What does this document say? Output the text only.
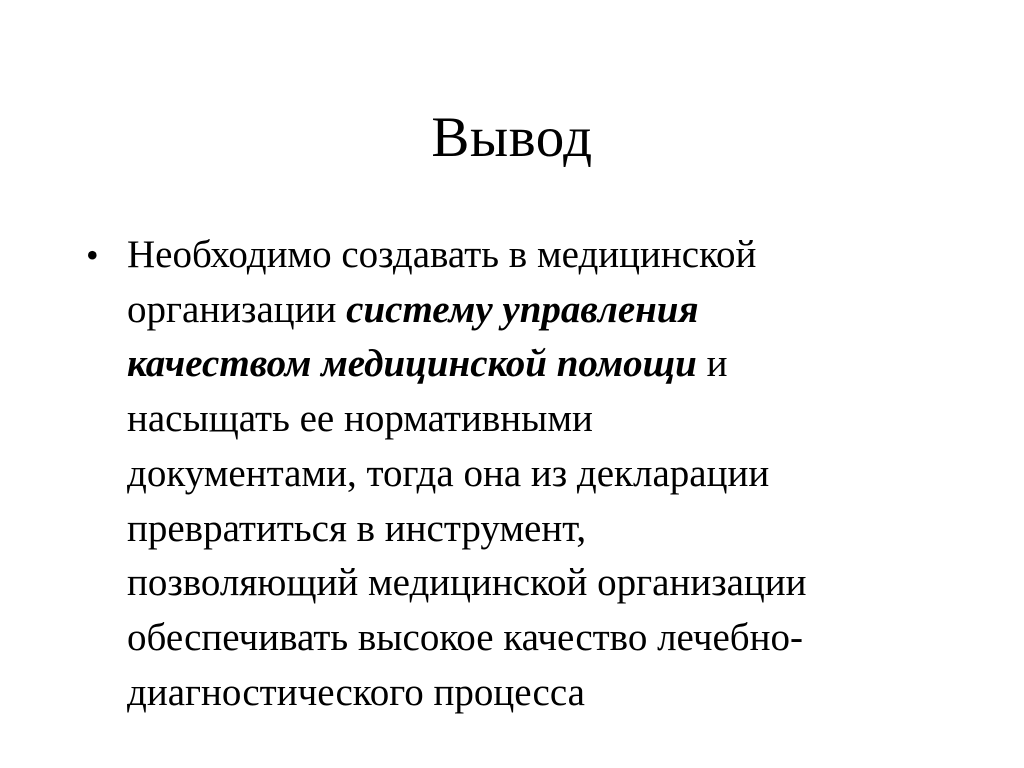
Вывод
• Необходимо создавать в медицинской
организации систему управления
качеством медицинской помощи и
насыщать ее нормативными
документами, тогда она из декларации
превратиться в инструмент,
позволяющий медицинской организации
обеспечивать высокое качество лечебно-
диагностического процесса
